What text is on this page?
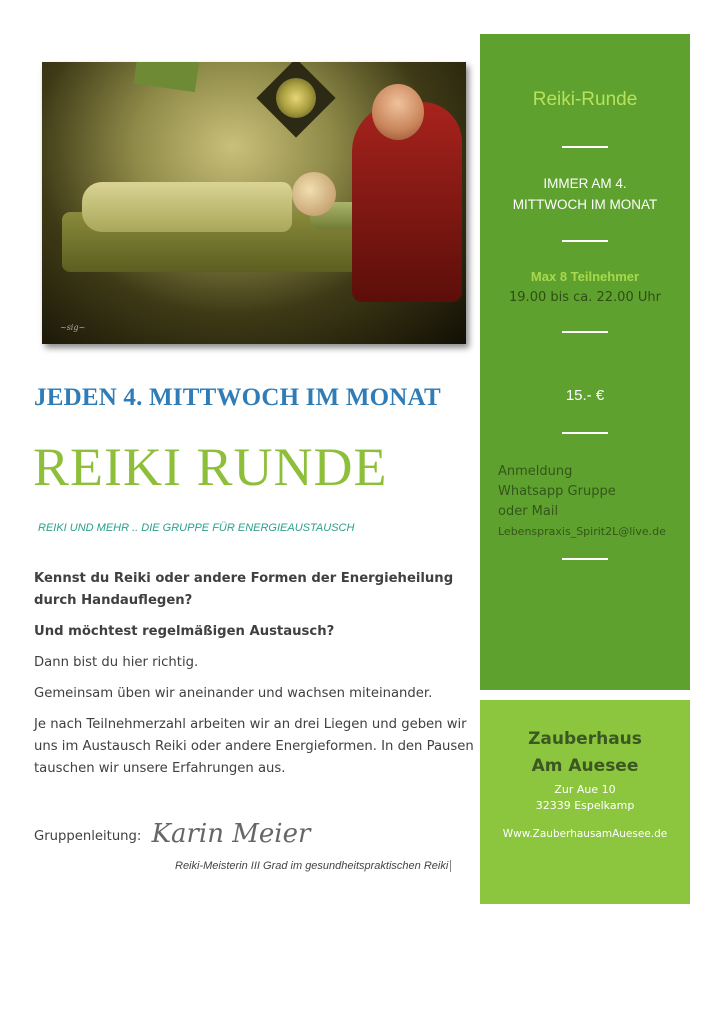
~sig~
JEDEN 4. MITTWOCH IM MONAT
REIKI RUNDE
REIKI UND MEHR .. DIE GRUPPE FÜR ENERGIEAUSTAUSCH

Kennst du Reiki oder andere Formen der Energieheilung durch Handauflegen?

Und möchtest regelmäßigen Austausch?

Dann bist du hier richtig.

Gemeinsam üben wir aneinander und wachsen miteinander.

Je nach Teilnehmerzahl arbeiten wir an drei Liegen und geben wir uns im Austausch Reiki oder andere Energieformen. In den Pausen tauschen wir unsere Erfahrungen aus.

Gruppenleitung: Karin Meier
Reiki-Meisterin III Grad im gesundheitspraktischen Reiki
Reiki-Runde
IMMER AM 4.
MITTWOCH IM MONAT
Max 8 Teilnehmer
19.00 bis ca. 22.00 Uhr
15.- €
Anmeldung
Whatsapp Gruppe
oder Mail
Lebenspraxis_Spirit2L@live.de
Zauberhaus
Am Auesee
Zur Aue 10
32339 Espelkamp
Www.ZauberhausamAuesee.de
